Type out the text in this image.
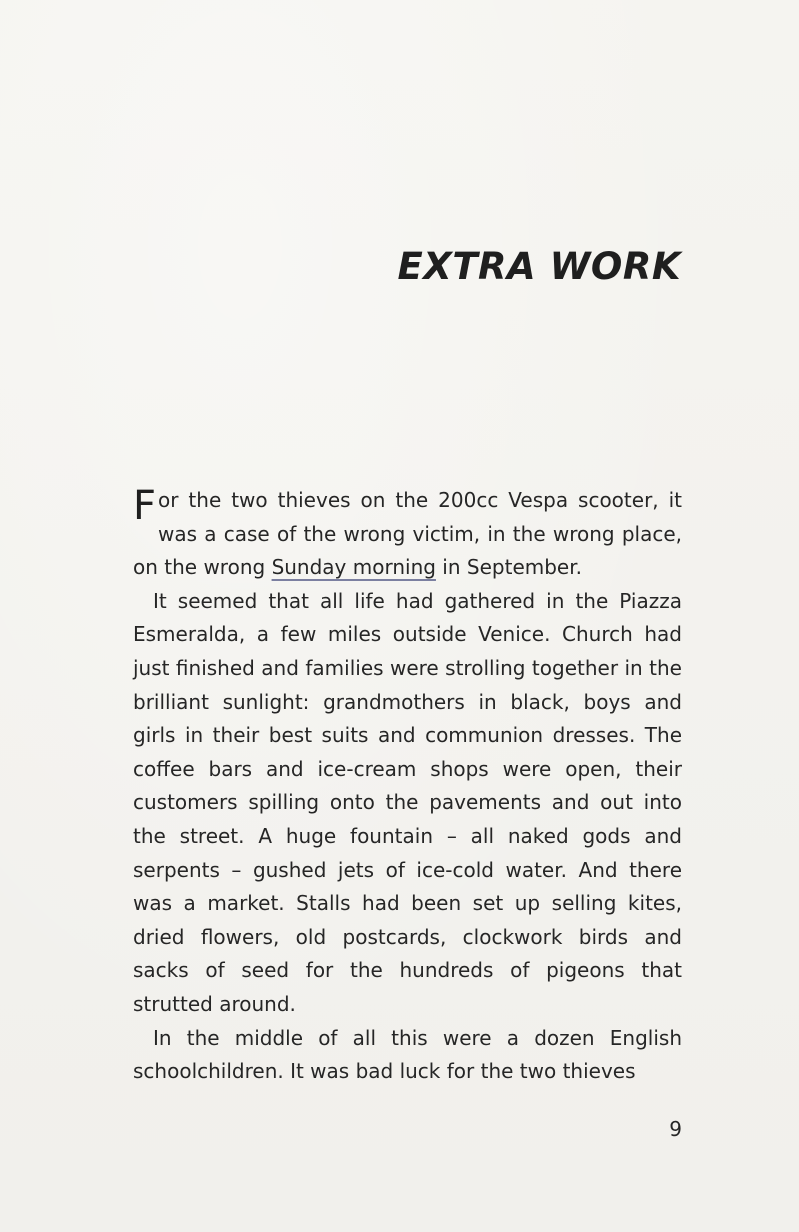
EXTRA WORK

For the two thieves on the 200cc Vespa scooter, it was a case of the wrong victim, in the wrong place, on the wrong Sunday morning in September.

It seemed that all life had gathered in the Piazza Esmeralda, a few miles outside Venice. Church had just finished and families were strolling together in the brilliant sunlight: grandmothers in black, boys and girls in their best suits and communion dresses. The coffee bars and ice-cream shops were open, their customers spilling onto the pavements and out into the street. A huge fountain – all naked gods and serpents – gushed jets of ice-cold water. And there was a market. Stalls had been set up selling kites, dried flowers, old postcards, clockwork birds and sacks of seed for the hundreds of pigeons that strutted around.

In the middle of all this were a dozen English schoolchildren. It was bad luck for the two thieves

9
